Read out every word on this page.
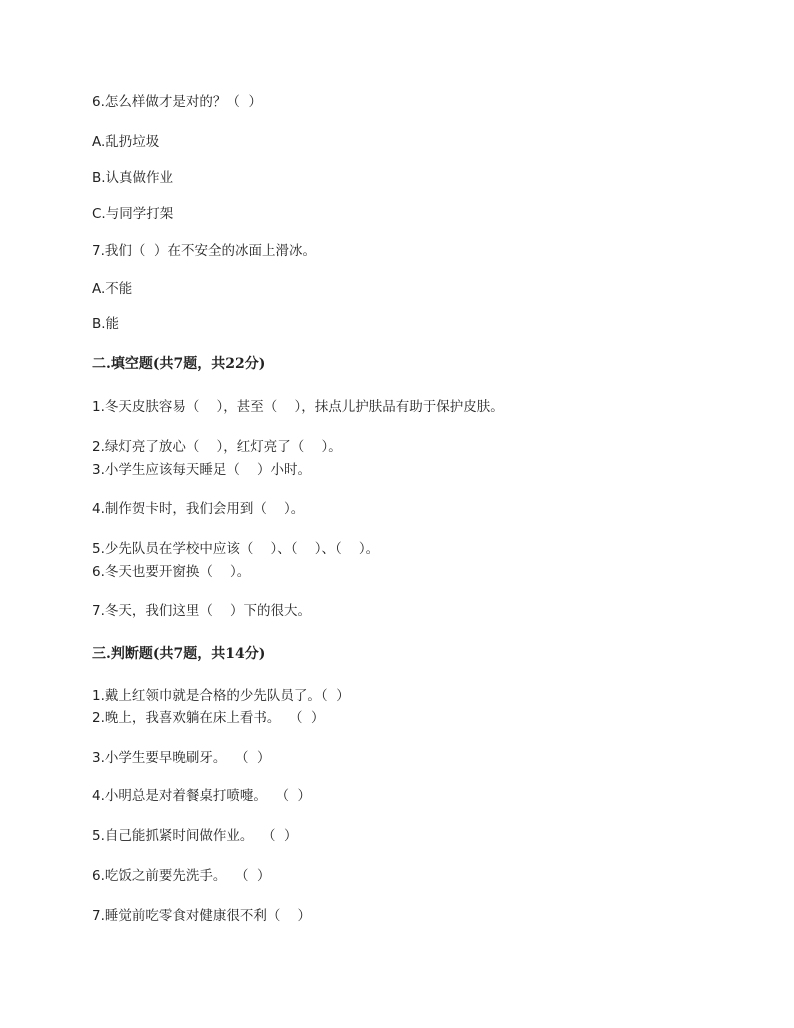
6.怎么样做才是对的？（  ）

A.乱扔垃圾

B.认真做作业

C.与同学打架

7.我们（  ）在不安全的冰面上滑冰。

A.不能

B.能

二.填空题(共7题，共22分)

1.冬天皮肤容易（    ），甚至（    ），抹点儿护肤品有助于保护皮肤。

2.绿灯亮了放心（    ），红灯亮了（    ）。

3.小学生应该每天睡足（    ）小时。

4.制作贺卡时，我们会用到（    ）。

5.少先队员在学校中应该（    ）、（    ）、（    ）。

6.冬天也要开窗换（    ）。

7.冬天，我们这里（    ）下的很大。

三.判断题(共7题，共14分)

1.戴上红领巾就是合格的少先队员了。（  ）

2.晚上，我喜欢躺在床上看书。  （  ）

3.小学生要早晚刷牙。  （  ）

4.小明总是对着餐桌打喷嚏。  （  ）

5.自己能抓紧时间做作业。  （  ）

6.吃饭之前要先洗手。  （  ）

7.睡觉前吃零食对健康很不利（    ）
